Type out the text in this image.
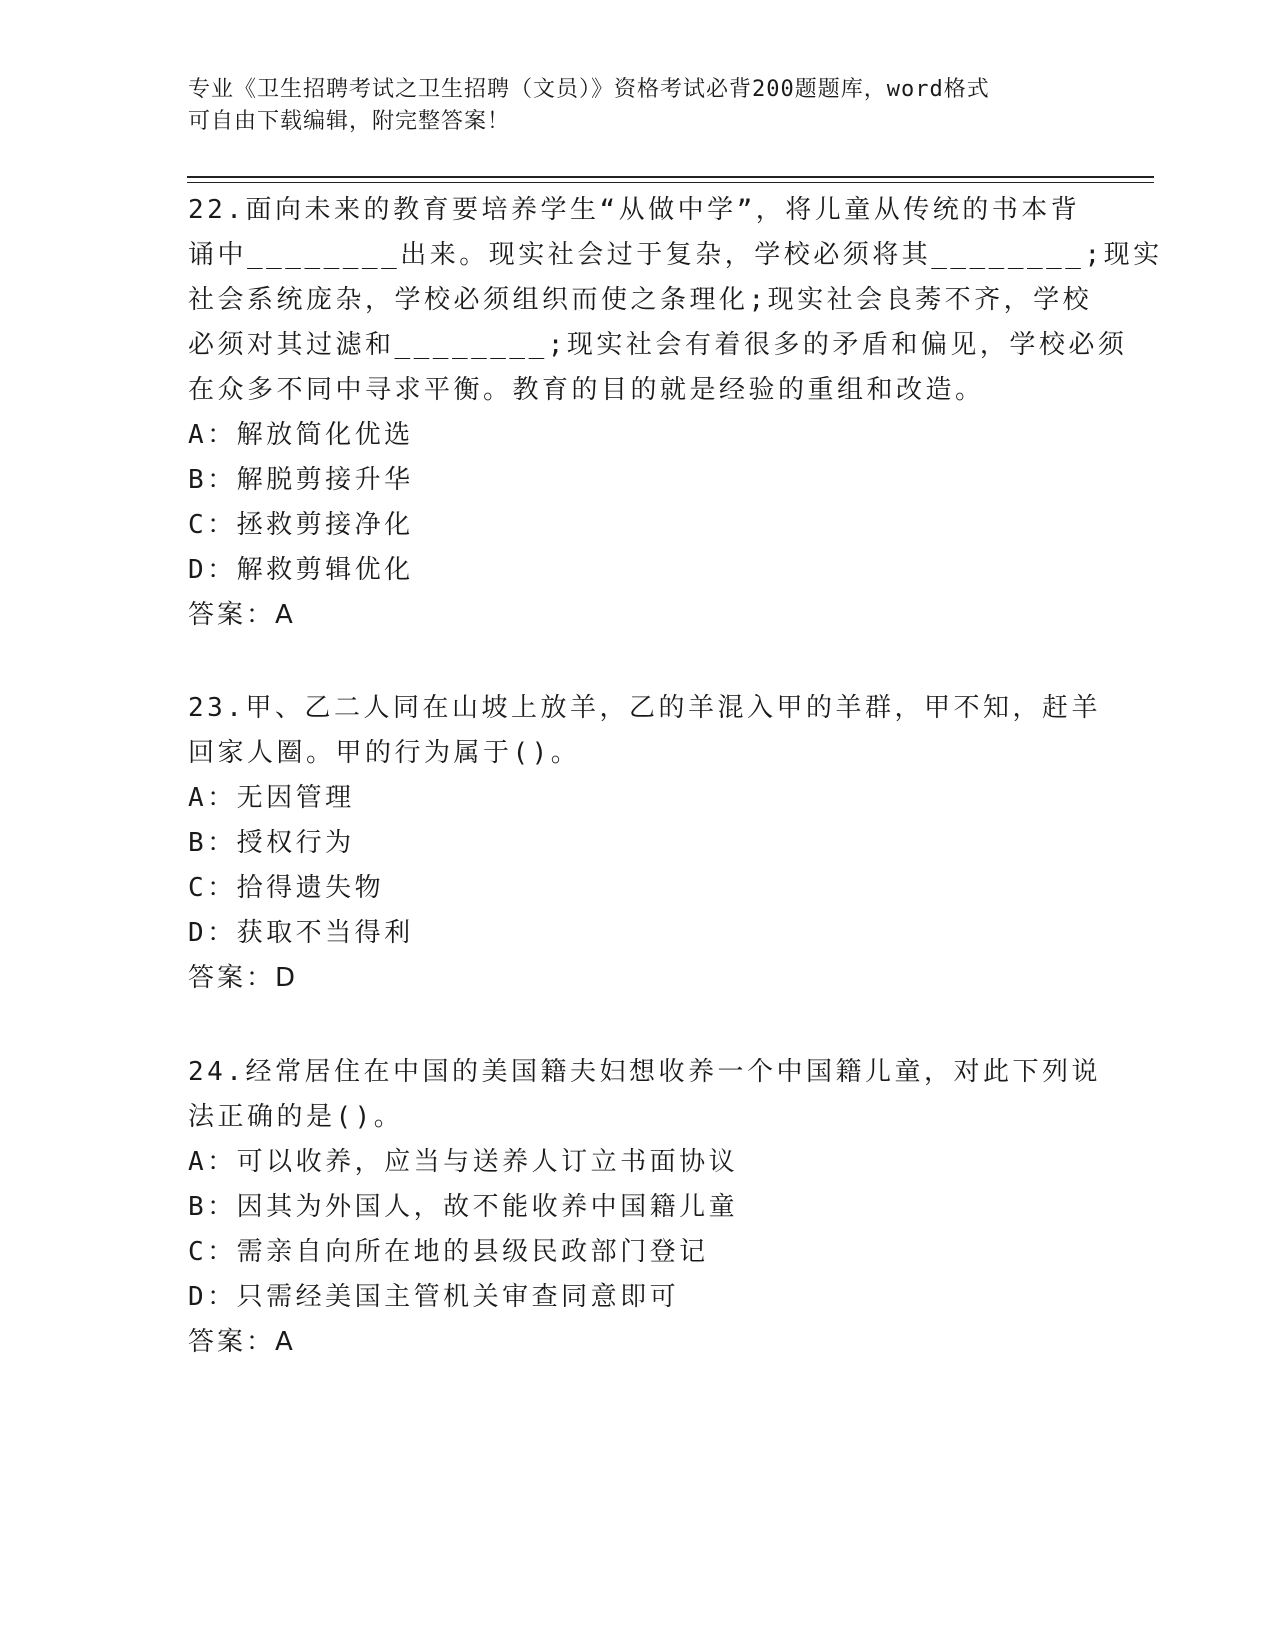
专业《卫生招聘考试之卫生招聘（文员）》资格考试必背200题题库，word格式
可自由下载编辑，附完整答案！
22.面向未来的教育要培养学生“从做中学”，将儿童从传统的书本背
诵中________出来。现实社会过于复杂，学校必须将其________;现实
社会系统庞杂，学校必须组织而使之条理化;现实社会良莠不齐，学校
必须对其过滤和________;现实社会有着很多的矛盾和偏见，学校必须
在众多不同中寻求平衡。教育的目的就是经验的重组和改造。
A：解放简化优选
B：解脱剪接升华
C：拯救剪接净化
D：解救剪辑优化
答案：A
23.甲、乙二人同在山坡上放羊，乙的羊混入甲的羊群，甲不知，赶羊
回家人圈。甲的行为属于()。
A：无因管理
B：授权行为
C：拾得遗失物
D：获取不当得利
答案：D
24.经常居住在中国的美国籍夫妇想收养一个中国籍儿童，对此下列说
法正确的是()。
A：可以收养，应当与送养人订立书面协议
B：因其为外国人，故不能收养中国籍儿童
C：需亲自向所在地的县级民政部门登记
D：只需经美国主管机关审查同意即可
答案：A
